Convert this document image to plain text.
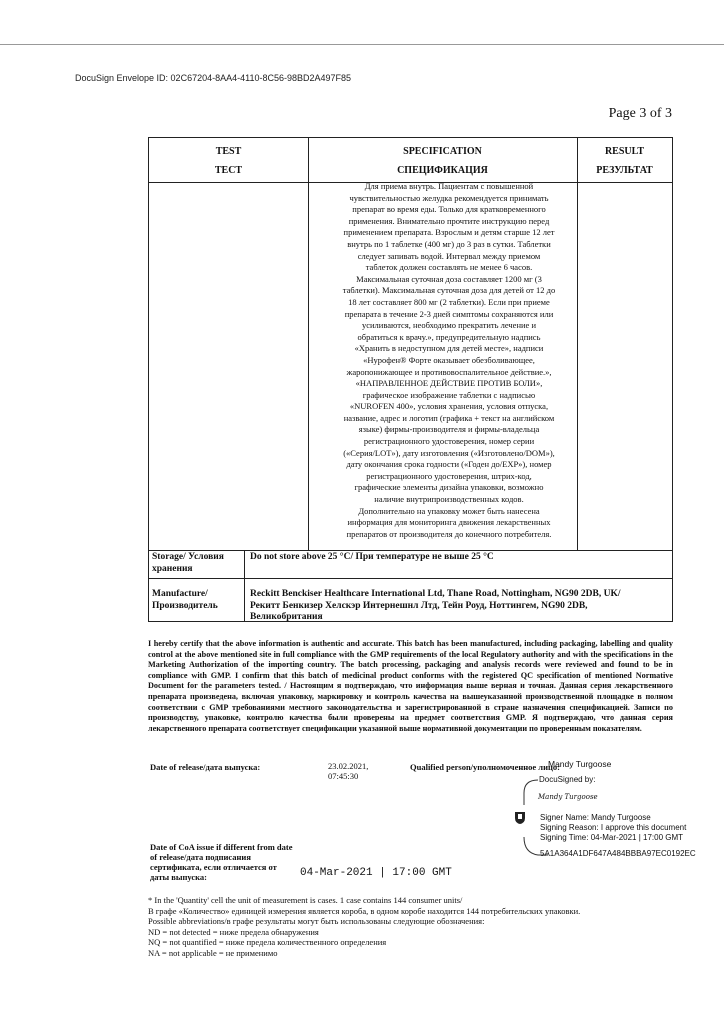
DocuSign Envelope ID: 02C67204-8AA4-4110-8C56-98BD2A497F85
Page 3 of 3
TEST
ТЕСТ
SPECIFICATION
СПЕЦИФИКАЦИЯ
RESULT
РЕЗУЛЬТАТ
Для приема внутрь. Пациентам с повышенной
чувствительностью желудка рекомендуется принимать
препарат во время еды. Только для кратковременного
применения. Внимательно прочтите инструкцию перед
применением препарата. Взрослым и детям старше 12 лет
внутрь по 1 таблетке (400 мг) до 3 раз в сутки. Таблетки
следует запивать водой. Интервал между приемом
таблеток должен составлять не менее 6 часов.
Максимальная суточная доза составляет 1200 мг (3
таблетки). Максимальная суточная доза для детей от 12 до
18 лет составляет 800 мг (2 таблетки). Если при приеме
препарата в течение 2-3 дней симптомы сохраняются или
усиливаются, необходимо прекратить лечение и
обратиться к врачу.», предупредительную надпись
«Хранить в недоступном для детей месте», надписи
«Нурофен® Форте оказывает обезболивающее,
жаропонижающее и противовоспалительное действие.»,
«НАПРАВЛЕННОЕ ДЕЙСТВИЕ ПРОТИВ БОЛИ»,
графическое изображение таблетки с надписью
«NUROFEN 400», условия хранения, условия отпуска,
название, адрес и логотип (графика + текст на английском
языке) фирмы-производителя и фирмы-владельца
регистрационного удостоверения, номер серии
(«Серия/LOT»), дату изготовления («Изготовлено/DOM»),
дату окончания срока годности («Годен до/EXP»), номер
регистрационного удостоверения, штрих-код,
графические элементы дизайна упаковки, возможно
наличие внутрипроизводственных кодов.
Дополнительно на упаковку может быть нанесена
информация для мониторинга движения лекарственных
препаратов от производителя до конечного потребителя.
Storage/ Условия
хранения
Do not store above 25 °C/ При температуре не выше 25 °C
Manufacture/
Производитель
Reckitt Benckiser Healthcare International Ltd, Thane Road, Nottingham, NG90 2DB, UK/
Рекитт Бенкизер Хелскэр Интернешнл Лтд, Тейн Роуд, Ноттингем, NG90 2DB,
Великобритания
I hereby certify that the above information is authentic and accurate. This batch has been manufactured, including packaging, labelling and quality control at the above mentioned site in full compliance with the GMP requirements of the local Regulatory authority and with the specifications in the Marketing Authorization of the importing country. The batch processing, packaging and analysis records were reviewed and found to be in compliance with GMP. I confirm that this batch of medicinal product conforms with the registered QC specification of mentioned Normative Document for the parameters tested. / Настоящим я подтверждаю, что информация выше верная и точная. Данная серия лекарственного препарата произведена, включая упаковку, маркировку и контроль качества на вышеуказанной производственной площадке в полном соответствии с GMP требованиями местного законодательства и зарегистрированной в стране назначения спецификацией. Записи по производству, упаковке, контролю качества были проверены на предмет соответствия GMP. Я подтверждаю, что данная серия лекарственного препарата соответствует спецификации указанной выше нормативной документации по проверенным показателям.
Date of release/дата выпуска:	23.02.2021,
07:45:30
Qualified person/уполномоченное лицо:
Mandy Turgoose
DocuSigned by:
Mandy Turgoose
Signer Name: Mandy Turgoose
Signing Reason: I approve this document
Signing Time: 04-Mar-2021 | 17:00 GMT
5A1A364A1DF647A484BBBA97EC0192EC
Date of CoA issue if different from date
of release/дата подписания
сертификата, если отличается от
даты выпуска:	04-Mar-2021 | 17:00 GMT
* In the 'Quantity' cell the unit of measurement is cases. 1 case contains 144 consumer units/
В графе «Количество» единицей измерения является короба, в одном коробе находится 144 потребительских упаковки.
Possible abbreviations/в графе результаты могут быть использованы следующие обозначения:
ND = not detected = ниже предела обнаружения
NQ = not quantified = ниже предела количественного определения
NA = not applicable = не применимо
